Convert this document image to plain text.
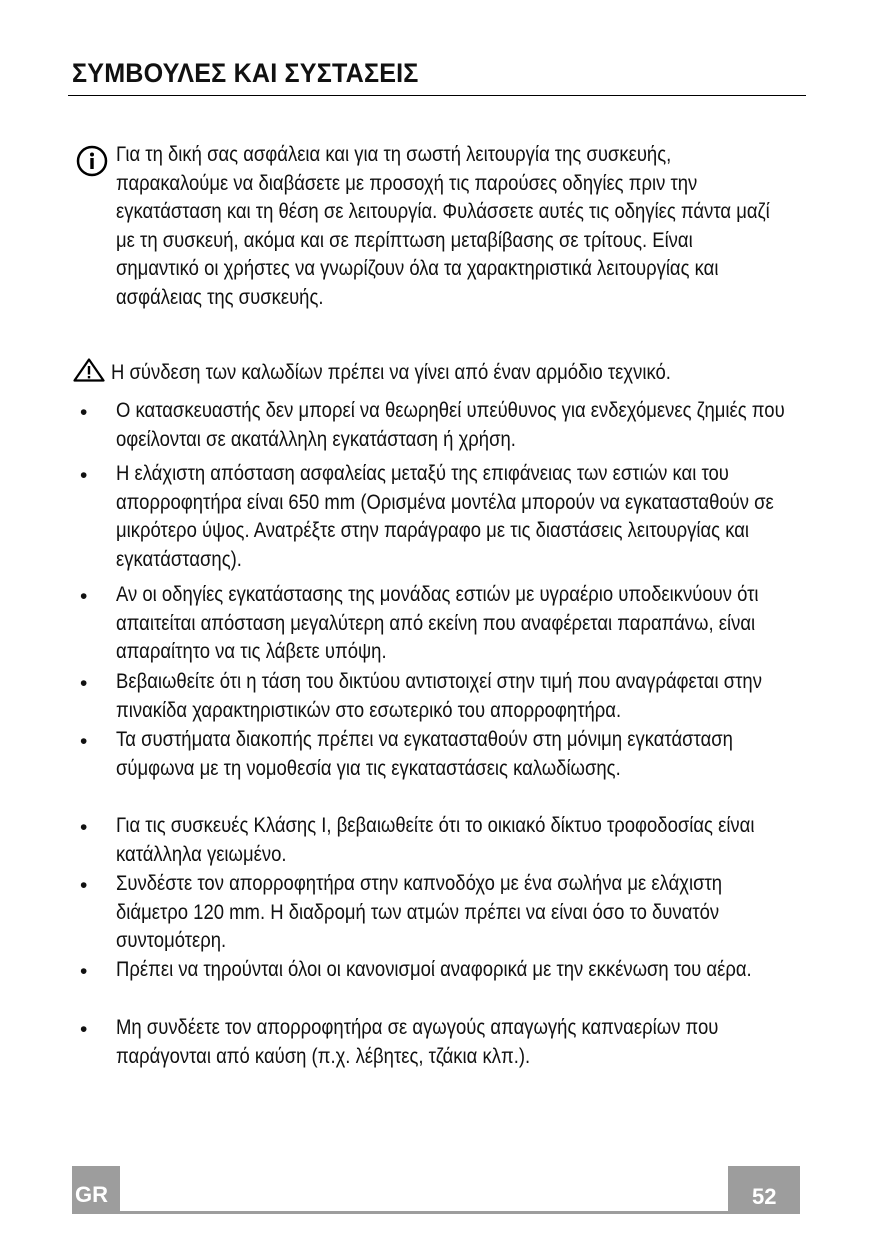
ΣΥΜΒΟΥΛΕΣ ΚΑΙ ΣΥΣΤΑΣΕΙΣ
Για τη δική σας ασφάλεια και για τη σωστή λειτουργία της συσκευής, παρακαλούμε να διαβάσετε με προσοχή τις παρούσες οδηγίες πριν την εγκατάσταση και τη θέση σε λειτουργία. Φυλάσσετε αυτές τις οδηγίες πάντα μαζί με τη συσκευή, ακόμα και σε περίπτωση μεταβίβασης σε τρίτους. Είναι σημαντικό οι χρήστες να γνωρίζουν όλα τα χαρακτηριστικά λειτουργίας και ασφάλειας της συσκευής.
Η σύνδεση των καλωδίων πρέπει να γίνει από έναν αρμόδιο τεχνικό.
• Ο κατασκευαστής δεν μπορεί να θεωρηθεί υπεύθυνος για ενδεχόμενες ζημιές που οφείλονται σε ακατάλληλη εγκατάσταση ή χρήση.
• Η ελάχιστη απόσταση ασφαλείας μεταξύ της επιφάνειας των εστιών και του απορροφητήρα είναι 650 mm (Ορισμένα μοντέλα μπορούν να εγκατασταθούν σε μικρότερο ύψος. Ανατρέξτε στην παράγραφο με τις διαστάσεις λειτουργίας και εγκατάστασης).
• Αν οι οδηγίες εγκατάστασης της μονάδας εστιών με υγραέριο υποδεικνύουν ότι απαιτείται απόσταση μεγαλύτερη από εκείνη που αναφέρεται παραπάνω, είναι απαραίτητο να τις λάβετε υπόψη.
• Βεβαιωθείτε ότι η τάση του δικτύου αντιστοιχεί στην τιμή που αναγράφεται στην πινακίδα χαρακτηριστικών στο εσωτερικό του απορροφητήρα.
• Τα συστήματα διακοπής πρέπει να εγκατασταθούν στη μόνιμη εγκατάσταση σύμφωνα με τη νομοθεσία για τις εγκαταστάσεις καλωδίωσης.
• Για τις συσκευές Κλάσης Ι, βεβαιωθείτε ότι το οικιακό δίκτυο τροφοδοσίας είναι κατάλληλα γειωμένο.
• Συνδέστε τον απορροφητήρα στην καπνοδόχο με ένα σωλήνα με ελάχιστη διάμετρο 120 mm. Η διαδρομή των ατμών πρέπει να είναι όσο το δυνατόν συντομότερη.
• Πρέπει να τηρούνται όλοι οι κανονισμοί αναφορικά με την εκκένωση του αέρα.
• Μη συνδέετε τον απορροφητήρα σε αγωγούς απαγωγής καπναερίων που παράγονται από καύση (π.χ. λέβητες, τζάκια κλπ.).
GR	52
